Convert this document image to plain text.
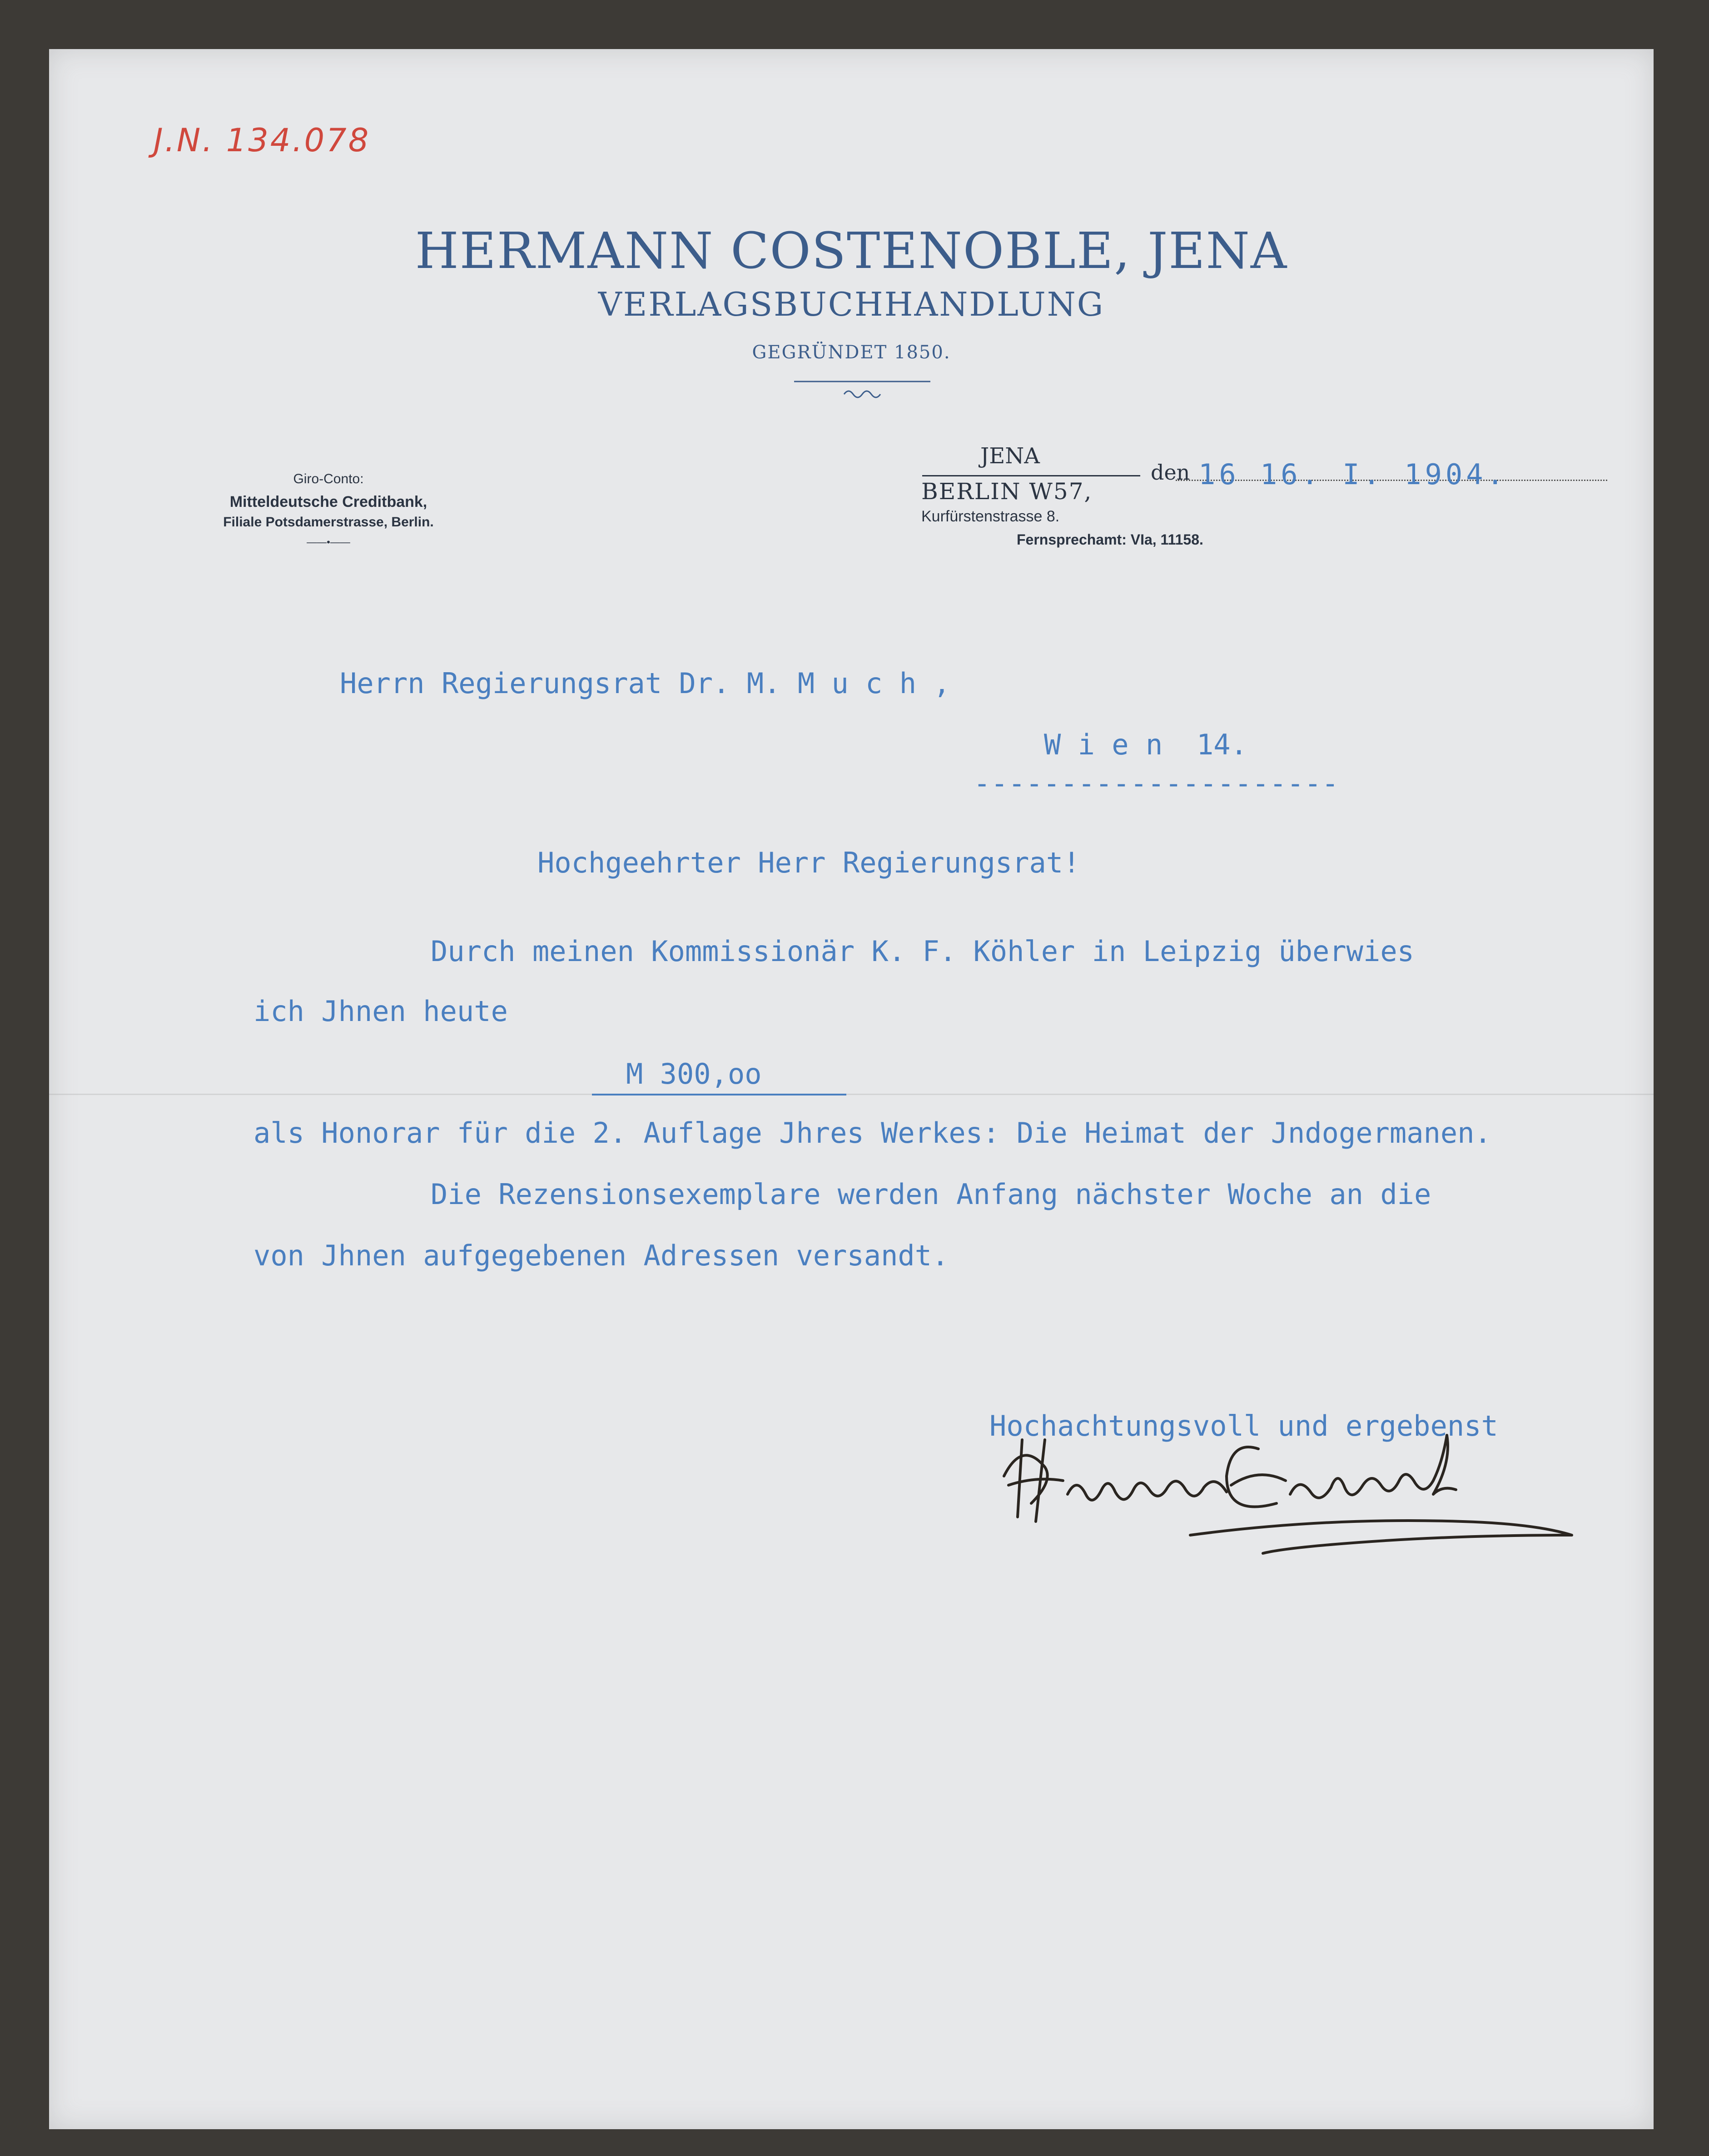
J.N. 134.078
HERMANN COSTENOBLE, JENA
VERLAGSBUCHHANDLUNG
GEGRÜNDET 1850.
Giro-Conto:
Mitteldeutsche Creditbank,
Filiale Potsdamerstrasse, Berlin.
——•——
JENA
BERLIN W57,
Kurfürstenstrasse 8.
Fernsprechamt: VIa, 11158.
den 16 16. I. 1904.
Herrn Regierungsrat Dr. M. M u c h ,
W i e n  14.
---------------------
Hochgeehrter Herr Regierungsrat!
Durch meinen Kommissionär K. F. Köhler in Leipzig überwies
ich Jhnen heute
M 300,oo
als Honorar für die 2. Auflage Jhres Werkes: Die Heimat der Jndogermanen.
Die Rezensionsexemplare werden Anfang nächster Woche an die
von Jhnen aufgegebenen Adressen versandt.
Hochachtungsvoll und ergebenst
